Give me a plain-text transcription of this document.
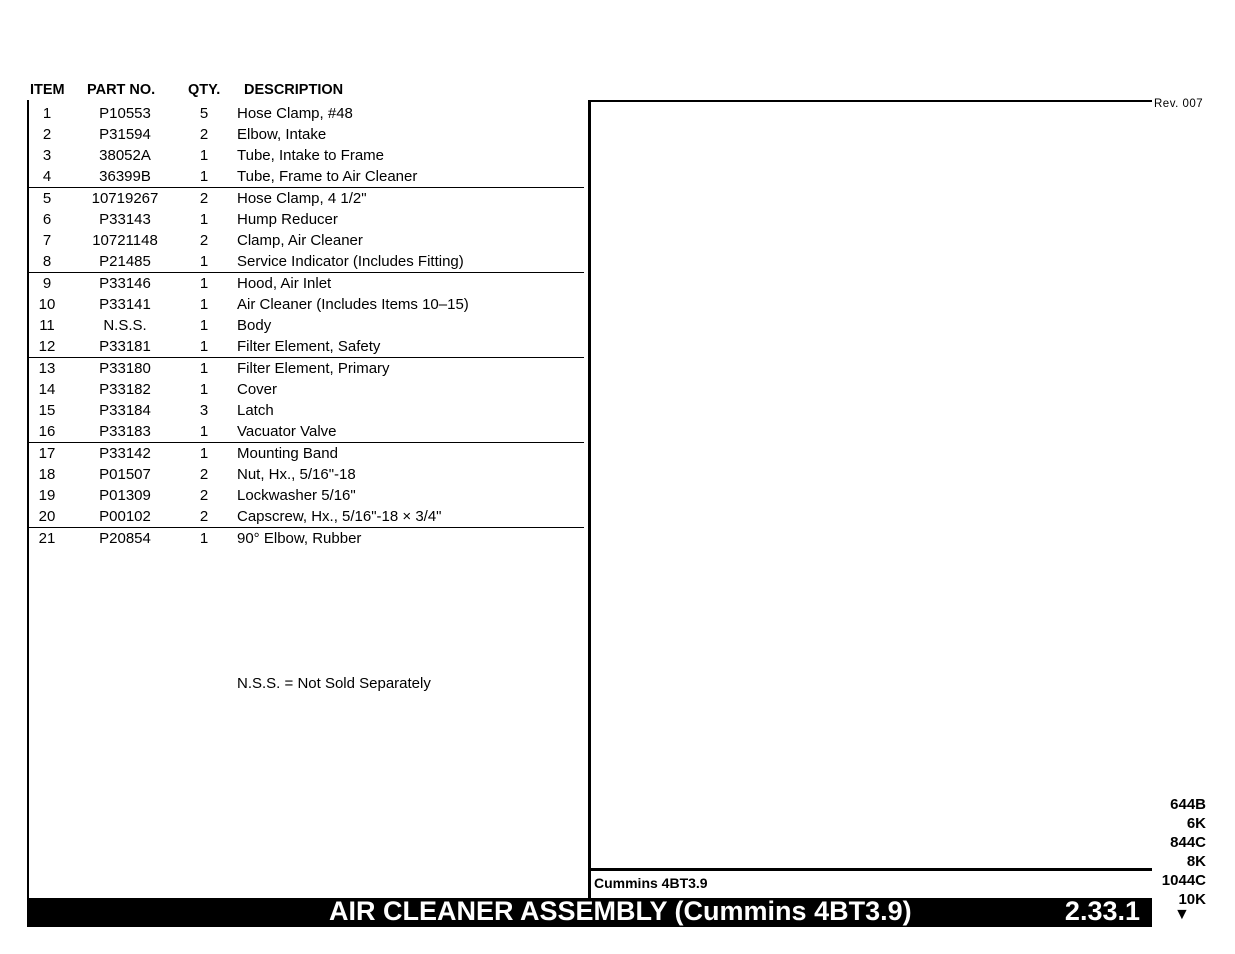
ITEM PART NO. QTY. DESCRIPTION
1	P10553	5	Hose Clamp, #48
2	P31594	2	Elbow, Intake
3	38052A	1	Tube, Intake to Frame
4	36399B	1	Tube, Frame to Air Cleaner
5	10719267	2	Hose Clamp, 4 1/2"
6	P33143	1	Hump Reducer
7	10721148	2	Clamp, Air Cleaner
8	P21485	1	Service Indicator (Includes Fitting)
9	P33146	1	Hood, Air Inlet
10	P33141	1	Air Cleaner (Includes Items 10–15)
11	N.S.S.	1	Body
12	P33181	1	Filter Element, Safety
13	P33180	1	Filter Element, Primary
14	P33182	1	Cover
15	P33184	3	Latch
16	P33183	1	Vacuator Valve
17	P33142	1	Mounting Band
18	P01507	2	Nut, Hx., 5/16"-18
19	P01309	2	Lockwasher 5/16"
20	P00102	2	Capscrew, Hx., 5/16"-18 × 3/4"
21	P20854	1	90° Elbow, Rubber
N.S.S. = Not Sold Separately
Cummins 4BT3.9
Rev. 007
AIR CLEANER ASSEMBLY (Cummins 4BT3.9)	2.33.1
644B
6K
844C
8K
1044C
10K
▼
